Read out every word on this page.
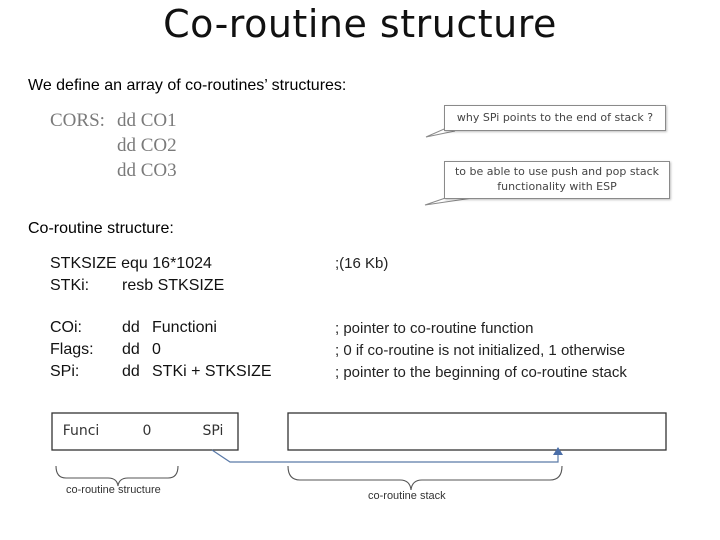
Co-routine structure
We define an array of co-routines’ structures:
CORS: dd CO1
dd CO2
dd CO3
why SPi points to the end of stack ?
to be able to use push and pop stack functionality with ESP
Co-routine structure:
STKSIZE equ 16*1024	;(16 Kb)
STKi: resb STKSIZE
COi:	dd Functioni	; pointer to co-routine function
Flags: dd 0	; 0 if co-routine is not initialized, 1 otherwise
SPi:	dd STKi + STKSIZE	; pointer to the beginning of co-routine stack
Funci	0	SPi
co-routine structure	co-routine stack
